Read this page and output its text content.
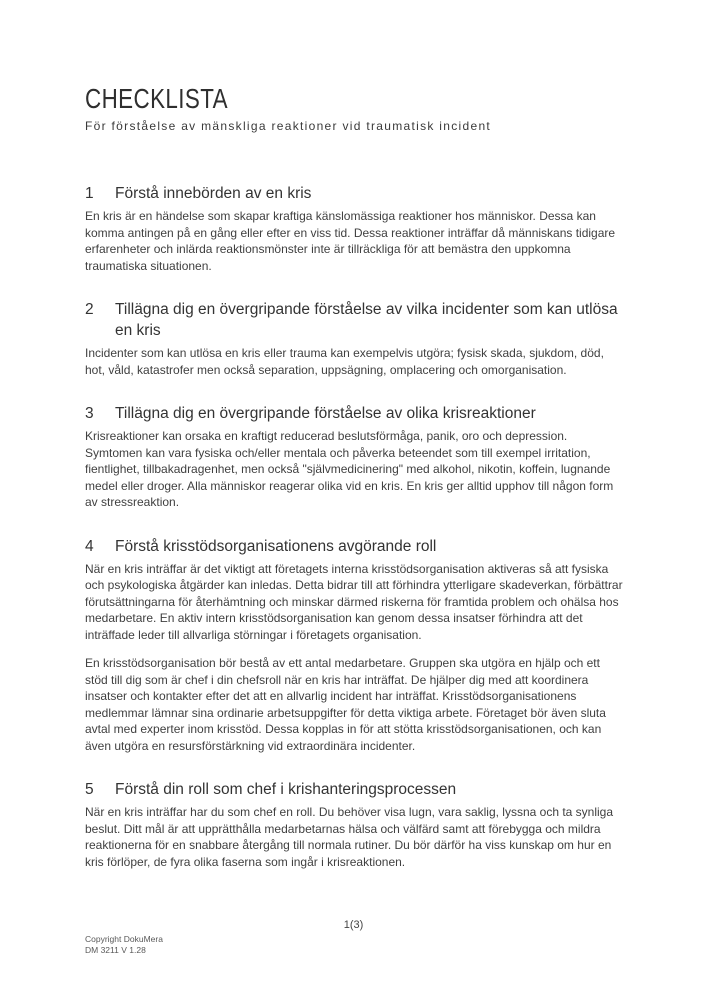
CHECKLISTA
För förståelse av mänskliga reaktioner vid traumatisk incident
1	Förstå innebörden av en kris

En kris är en händelse som skapar kraftiga känslomässiga reaktioner hos människor. Dessa kan komma antingen på en gång eller efter en viss tid. Dessa reaktioner inträffar då människans tidigare erfarenheter och inlärda reaktionsmönster inte är tillräckliga för att bemästra den uppkomna traumatiska situationen.

2	Tillägna dig en övergripande förståelse av vilka incidenter som kan utlösa en kris

Incidenter som kan utlösa en kris eller trauma kan exempelvis utgöra; fysisk skada, sjukdom, död, hot, våld, katastrofer men också separation, uppsägning, omplacering och omorganisation.

3	Tillägna dig en övergripande förståelse av olika krisreaktioner

Krisreaktioner kan orsaka en kraftigt reducerad beslutsförmåga, panik, oro och depression. Symtomen kan vara fysiska och/eller mentala och påverka beteendet som till exempel irritation, fientlighet, tillbakadragenhet, men också "självmedicinering" med alkohol, nikotin, koffein, lugnande medel eller droger. Alla människor reagerar olika vid en kris. En kris ger alltid upphov till någon form av stressreaktion.

4	Förstå krisstödsorganisationens avgörande roll

När en kris inträffar är det viktigt att företagets interna krisstödsorganisation aktiveras så att fysiska och psykologiska åtgärder kan inledas. Detta bidrar till att förhindra ytterligare skadeverkan, förbättrar förutsättningarna för återhämtning och minskar därmed riskerna för framtida problem och ohälsa hos medarbetare. En aktiv intern krisstödsorganisation kan genom dessa insatser förhindra att det inträffade leder till allvarliga störningar i företagets organisation.

En krisstödsorganisation bör bestå av ett antal medarbetare. Gruppen ska utgöra en hjälp och ett stöd till dig som är chef i din chefsroll när en kris har inträffat. De hjälper dig med att koordinera insatser och kontakter efter det att en allvarlig incident har inträffat. Krisstödsorganisationens medlemmar lämnar sina ordinarie arbetsuppgifter för detta viktiga arbete. Företaget bör även sluta avtal med experter inom krisstöd. Dessa kopplas in för att stötta krisstödsorganisationen, och kan även utgöra en resursförstärkning vid extraordinära incidenter.

5	Förstå din roll som chef i krishanteringsprocessen

När en kris inträffar har du som chef en roll. Du behöver visa lugn, vara saklig, lyssna och ta synliga beslut. Ditt mål är att upprätthålla medarbetarnas hälsa och välfärd samt att förebygga och mildra reaktionerna för en snabbare återgång till normala rutiner. Du bör därför ha viss kunskap om hur en kris förlöper, de fyra olika faserna som ingår i krisreaktionen.

1(3)
Copyright DokuMera
DM 3211 V 1.28
